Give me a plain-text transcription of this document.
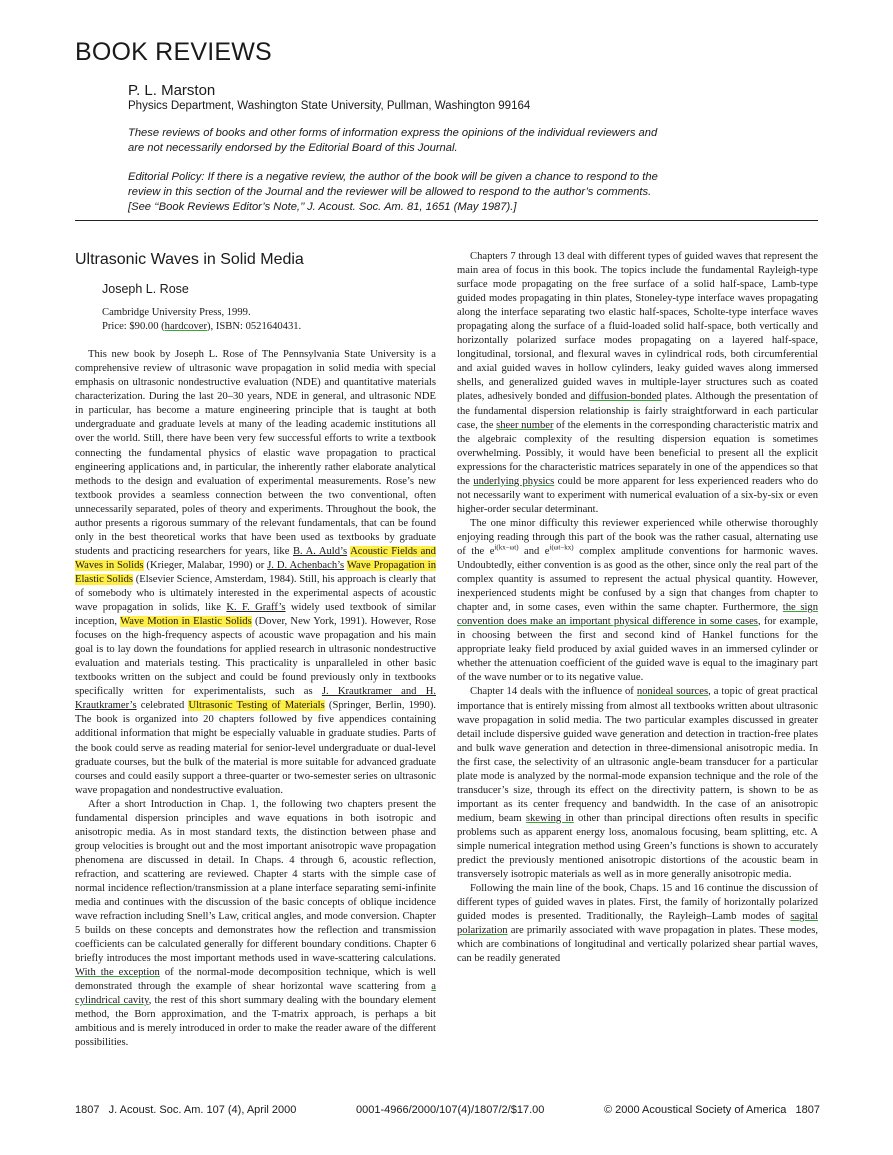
BOOK REVIEWS
P. L. Marston
Physics Department, Washington State University, Pullman, Washington 99164
These reviews of books and other forms of information express the opinions of the individual reviewers and are not necessarily endorsed by the Editorial Board of this Journal.
Editorial Policy: If there is a negative review, the author of the book will be given a chance to respond to the review in this section of the Journal and the reviewer will be allowed to respond to the author’s comments. [See ‘‘Book Reviews Editor’s Note,’’ J. Acoust. Soc. Am. 81, 1651 (May 1987).]

Ultrasonic Waves in Solid Media

Joseph L. Rose

Cambridge University Press, 1999.
Price: $90.00 (hardcover), ISBN: 0521640431.

This new book by Joseph L. Rose of The Pennsylvania State University is a comprehensive review of ultrasonic wave propagation in solid media with special emphasis on ultrasonic nondestructive evaluation (NDE) and quantitative materials characterization. During the last 20–30 years, NDE in general, and ultrasonic NDE in particular, has become a mature engineering principle that is taught at both undergraduate and graduate levels at many of the leading academic institutions all over the world. Still, there have been very few successful efforts to write a textbook connecting the fundamental physics of elastic wave propagation to practical engineering applications and, in particular, the inherently rather elaborate analytical methods to the design and evaluation of experimental measurements. Rose’s new textbook provides a seamless connection between the two conventional, often unnecessarily separated, poles of theory and experiments. Throughout the book, the author presents a rigorous summary of the relevant fundamentals, that can be found only in the best theoretical works that have been used as textbooks by graduate students and practicing researchers for years, like B. A. Auld’s Acoustic Fields and Waves in Solids (Krieger, Malabar, 1990) or J. D. Achenbach’s Wave Propagation in Elastic Solids (Elsevier Science, Amsterdam, 1984). Still, his approach is clearly that of somebody who is ultimately interested in the experimental aspects of acoustic wave propagation in solids, like K. F. Graff’s widely used textbook of similar inception, Wave Motion in Elastic Solids (Dover, New York, 1991). However, Rose focuses on the high-frequency aspects of acoustic wave propagation and his main goal is to lay down the foundations for applied research in ultrasonic nondestructive evaluation and materials testing. This practicality is unparalleled in other basic textbooks written on the subject and could be found previously only in textbooks specifically written for experimentalists, such as J. Krautkramer and H. Krautkramer’s celebrated Ultrasonic Testing of Materials (Springer, Berlin, 1990). The book is organized into 20 chapters followed by five appendices containing additional information that might be especially valuable in graduate studies. Parts of the book could serve as reading material for senior-level undergraduate or dual-level graduate courses, but the bulk of the material is more suitable for advanced graduate courses and could easily support a three-quarter or two-semester series on ultrasonic wave propagation and nondestructive evaluation.

After a short Introduction in Chap. 1, the following two chapters present the fundamental dispersion principles and wave equations in both isotropic and anisotropic media. As in most standard texts, the distinction between phase and group velocities is brought out and the most important anisotropic wave propagation phenomena are discussed in detail. In Chaps. 4 through 6, acoustic reflection, refraction, and scattering are reviewed. Chapter 4 starts with the simple case of normal incidence reflection/transmission at a plane interface separating semi-infinite media and continues with the discussion of the basic concepts of oblique incidence wave refraction including Snell’s Law, critical angles, and mode conversion. Chapter 5 builds on these concepts and demonstrates how the reflection and transmission coefficients can be calculated generally for different boundary conditions. Chapter 6 briefly introduces the most important methods used in wave-scattering calculations. With the exception of the normal-mode decomposition technique, which is well demonstrated through the example of shear horizontal wave scattering from a cylindrical cavity, the rest of this short summary dealing with the boundary element method, the Born approximation, and the T-matrix approach, is perhaps a bit ambitious and is merely introduced in order to make the reader aware of the different possibilities.

Chapters 7 through 13 deal with different types of guided waves that represent the main area of focus in this book. The topics include the fundamental Rayleigh-type surface mode propagating on the free surface of a solid half-space, Lamb-type guided modes propagating in thin plates, Stoneley-type interface waves propagating along the interface separating two elastic half-spaces, Scholte-type interface waves propagating along the surface of a fluid-loaded solid half-space, both vertically and horizontally polarized surface modes propagating on a layered half-space, longitudinal, torsional, and flexural waves in cylindrical rods, both circumferential and axial guided waves in hollow cylinders, leaky guided waves along immersed shells, and generalized guided waves in multiple-layer structures such as coated plates, adhesively bonded and diffusion-bonded plates. Although the presentation of the fundamental dispersion relationship is fairly straightforward in each particular case, the sheer number of the elements in the corresponding characteristic matrix and the algebraic complexity of the resulting dispersion equation is sometimes overwhelming. Possibly, it would have been beneficial to present all the explicit expressions for the characteristic matrices separately in one of the appendices so that the underlying physics could be more apparent for less experienced readers who do not necessarily want to experiment with numerical evaluation of a six-by-six or even higher-order secular determinant.

The one minor difficulty this reviewer experienced while otherwise thoroughly enjoying reading through this part of the book was the rather casual, alternating use of the $e^{i(kx-\omega t)}$ and $e^{i(\omega t-kx)}$ complex amplitude conventions for harmonic waves. Undoubtedly, either convention is as good as the other, since only the real part of the complex quantity is assumed to represent the actual physical quantity. However, inexperienced students might be confused by a sign that changes from chapter to chapter and, in some cases, even within the same chapter. Furthermore, the sign convention does make an important physical difference in some cases, for example, in choosing between the first and second kind of Hankel functions for the appropriate leaky field produced by axial guided waves in an immersed cylinder or whether the attenuation coefficient of the guided wave is equal to the imaginary part of the wave number or to its negative value.

Chapter 14 deals with the influence of nonideal sources, a topic of great practical importance that is entirely missing from almost all textbooks written about ultrasonic wave propagation in solid media. The two particular examples discussed in greater detail include dispersive guided wave generation and detection in traction-free plates and bulk wave generation and detection in three-dimensional anisotropic media. In the first case, the selectivity of an ultrasonic angle-beam transducer for a particular plate mode is analyzed by the normal-mode expansion technique and the role of the transducer’s size, through its effect on the directivity pattern, is shown to be as important as its center frequency and bandwidth. In the case of an anisotropic medium, beam skewing in other than principal directions often results in specific problems such as apparent energy loss, anomalous focusing, beam splitting, etc. A simple numerical integration method using Green’s functions is shown to accurately predict the previously mentioned anisotropic distortions of the acoustic beam in transversely isotropic materials as well as in more generally anisotropic media.

Following the main line of the book, Chaps. 15 and 16 continue the discussion of different types of guided waves in plates. First, the family of horizontally polarized guided modes is presented. Traditionally, the Rayleigh–Lamb modes of sagital polarization are primarily associated with wave propagation in plates. These modes, which are combinations of longitudinal and vertically polarized shear partial waves, can be readily generated

1807 J. Acoust. Soc. Am. 107 (4), April 2000	0001-4966/2000/107(4)/1807/2/$17.00	© 2000 Acoustical Society of America 1807
